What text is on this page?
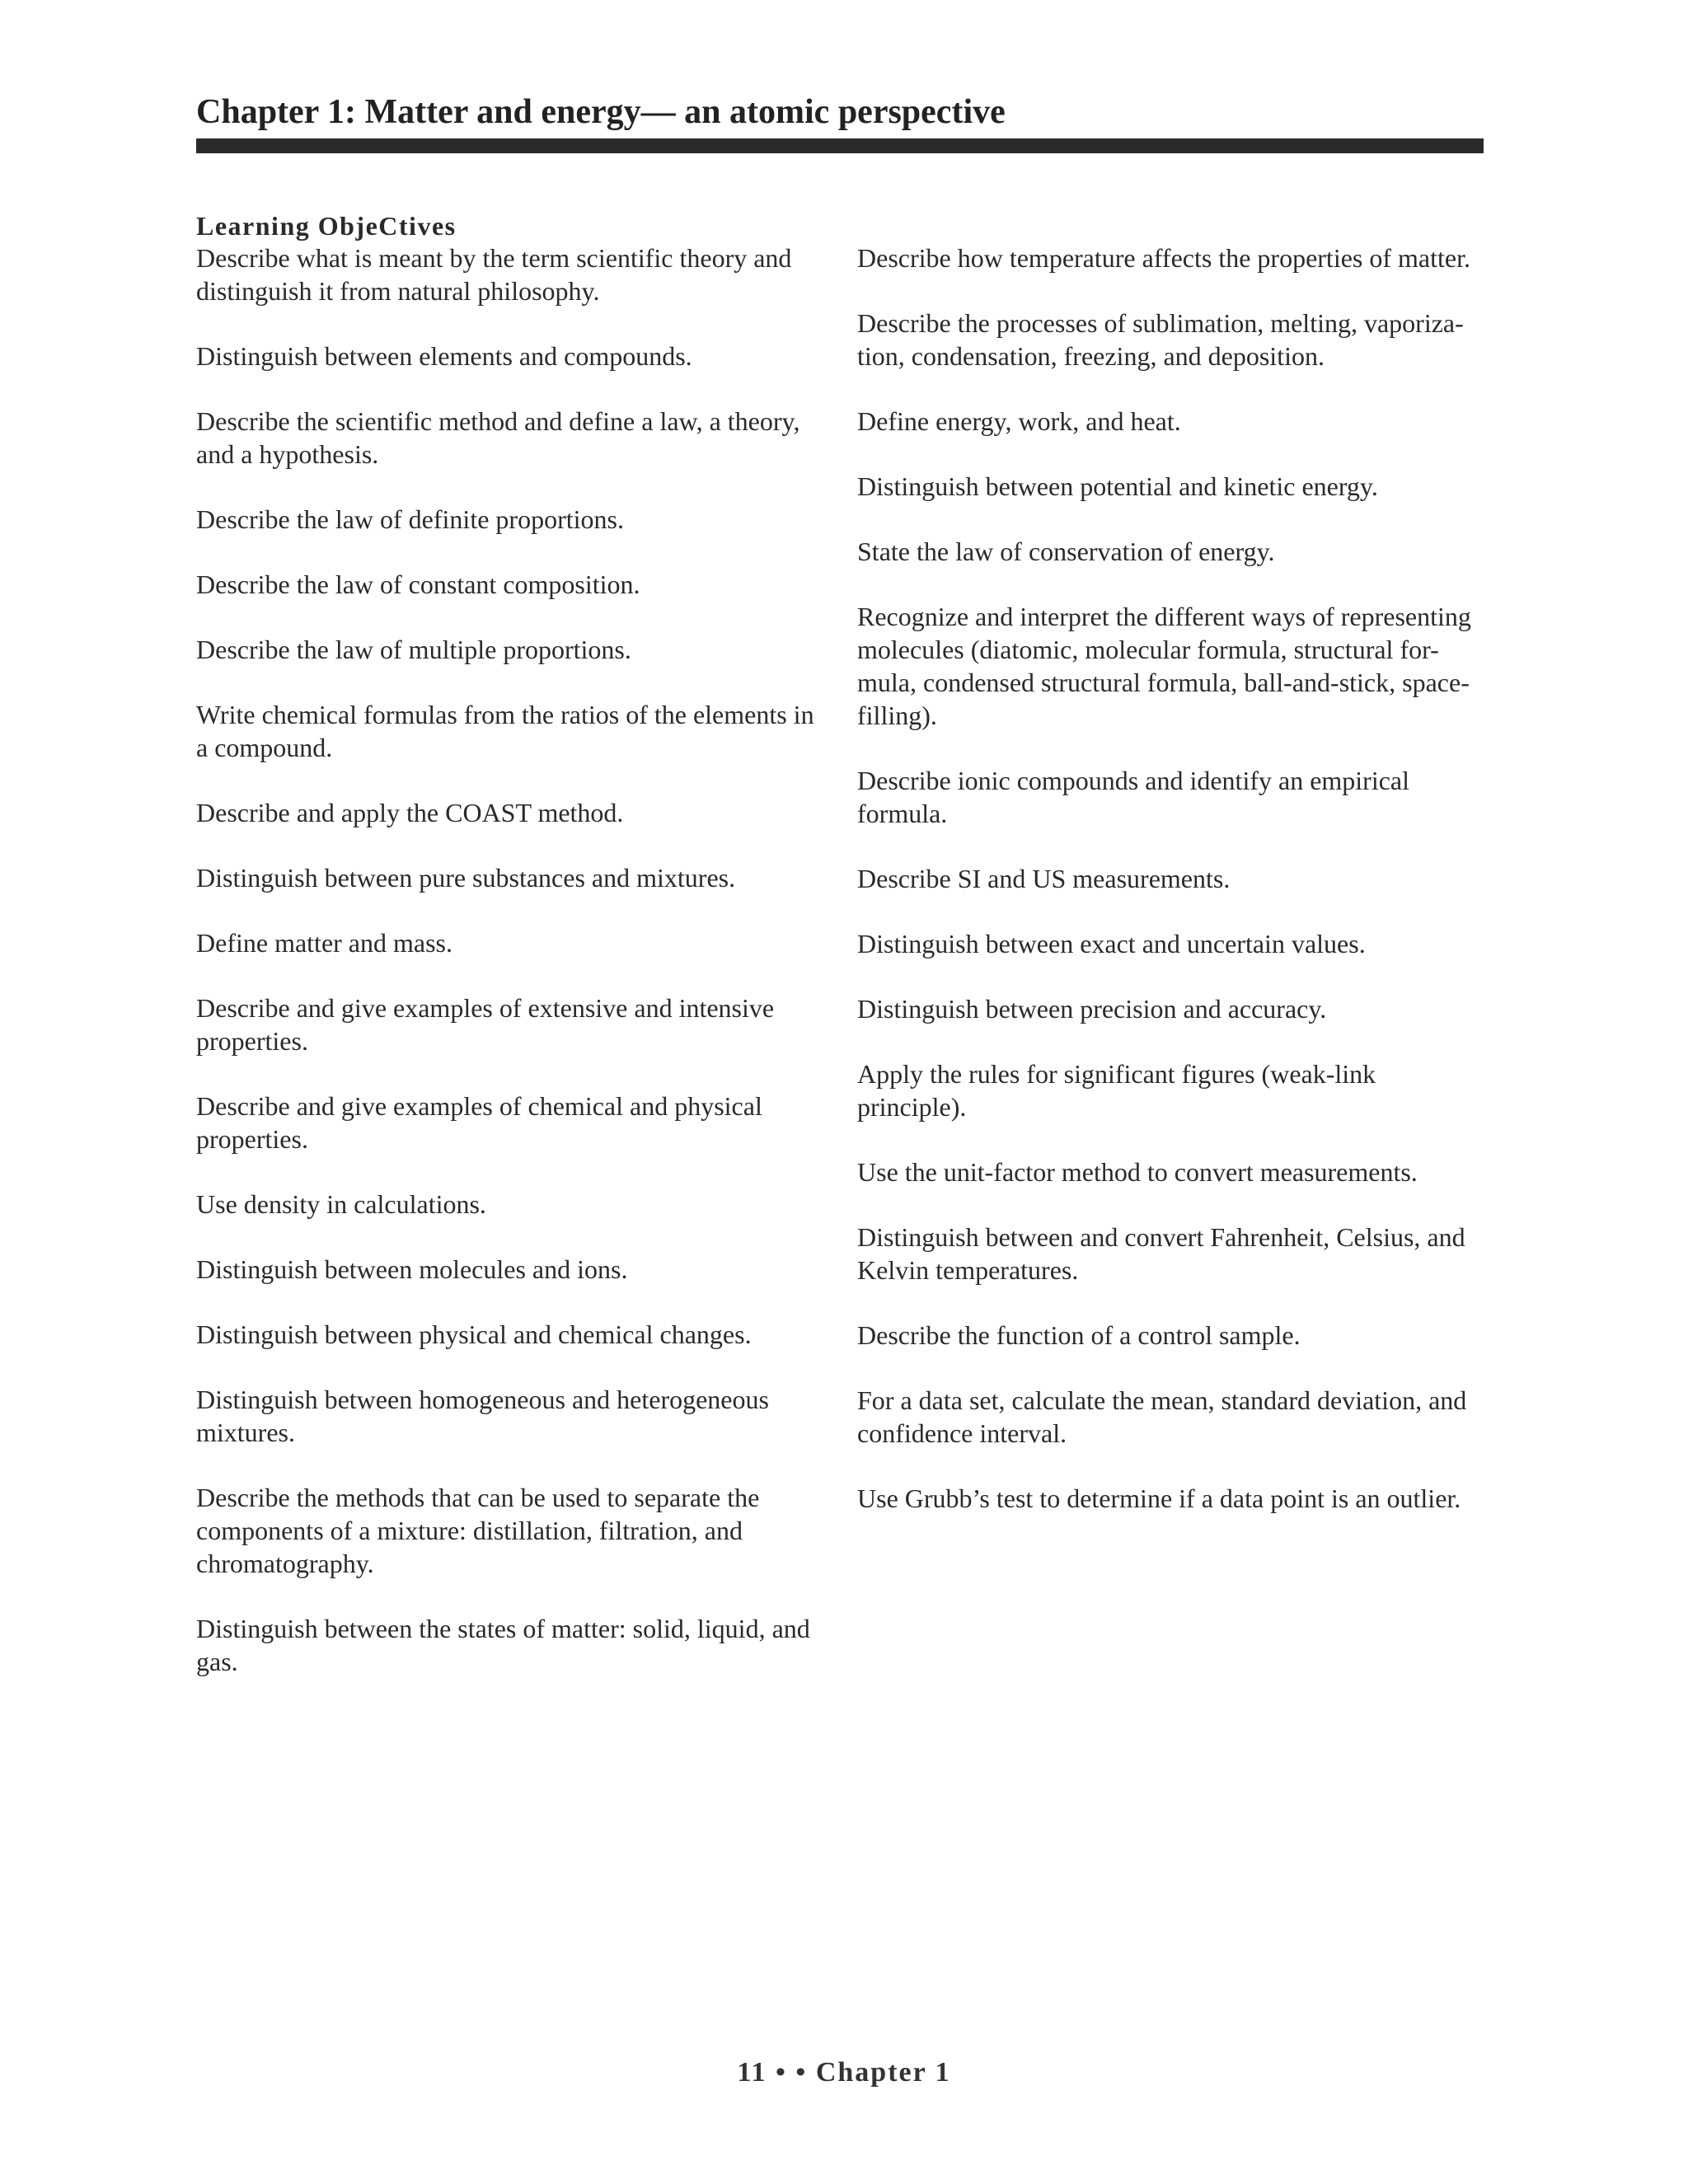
Chapter 1: Matter and energy— an atomic perspective
Learning ObjeCtives

Describe what is meant by the term scientific theory and distinguish it from natural philosophy.

Distinguish between elements and compounds.

Describe the scientific method and define a law, a theory, and a hypothesis.

Describe the law of definite proportions.

Describe the law of constant composition.

Describe the law of multiple proportions.

Write chemical formulas from the ratios of the elements in a compound.

Describe and apply the COAST method.

Distinguish between pure substances and mixtures.

Define matter and mass.

Describe and give examples of extensive and intensive properties.

Describe and give examples of chemical and physical properties.

Use density in calculations.

Distinguish between molecules and ions.

Distinguish between physical and chemical changes.

Distinguish between homogeneous and heterogeneous mixtures.

Describe the methods that can be used to separate the components of a mixture: distillation, filtration, and chromatography.

Distinguish between the states of matter: solid, liquid, and gas.

Describe how temperature affects the properties of matter.

Describe the processes of sublimation, melting, vaporiza-tion, condensation, freezing, and deposition.

Define energy, work, and heat.

Distinguish between potential and kinetic energy.

State the law of conservation of energy.

Recognize and interpret the different ways of representing molecules (diatomic, molecular formula, structural for-mula, condensed structural formula, ball-and-stick, space-filling).

Describe ionic compounds and identify an empirical formula.

Describe SI and US measurements.

Distinguish between exact and uncertain values.

Distinguish between precision and accuracy.

Apply the rules for significant figures (weak-link principle).

Use the unit-factor method to convert measurements.

Distinguish between and convert Fahrenheit, Celsius, and Kelvin temperatures.

Describe the function of a control sample.

For a data set, calculate the mean, standard deviation, and confidence interval.

Use Grubb’s test to determine if a data point is an outlier.

11 • • Chapter 1
